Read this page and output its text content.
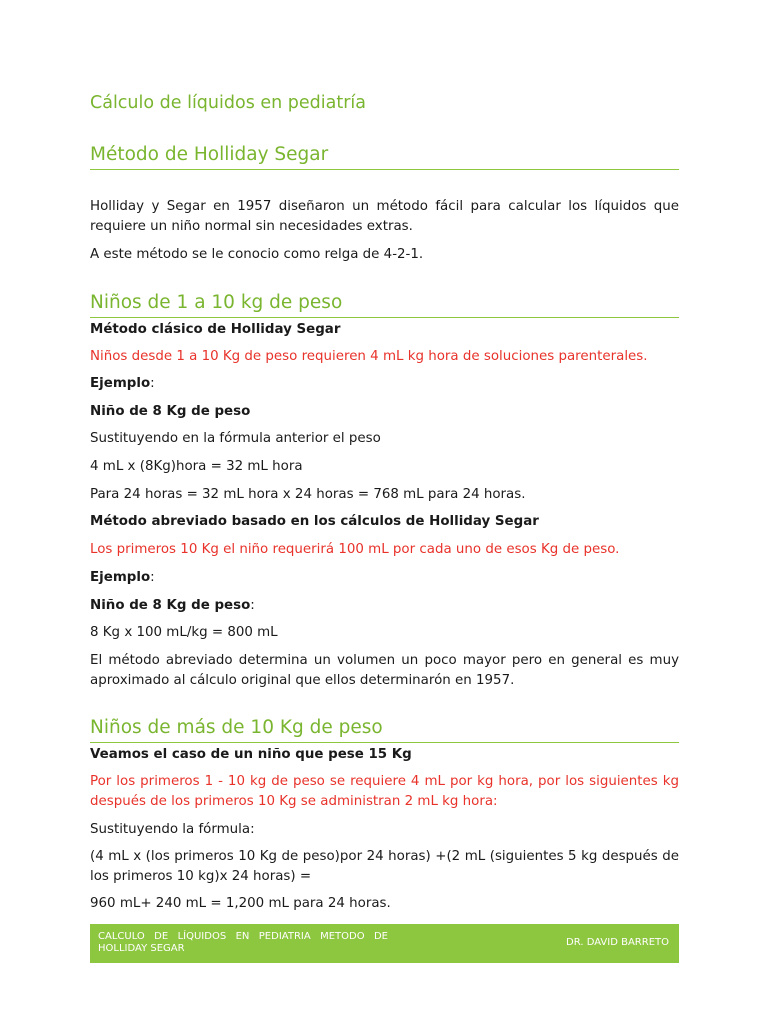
Cálculo de líquidos en pediatría
Método de Holliday Segar
Holliday y Segar en 1957 diseñaron un método fácil para calcular los líquidos que requiere un niño normal sin necesidades extras.
A este método se le conocio como relga de 4-2-1.
Niños de 1 a 10 kg de peso
Método clásico de Holliday Segar
Niños desde 1 a 10 Kg de peso requieren 4 mL kg hora de soluciones parenterales.
Ejemplo:
Niño de 8 Kg de peso
Sustituyendo en la fórmula anterior el peso
4 mL x (8Kg)hora = 32 mL hora
Para 24 horas = 32 mL hora x 24 horas = 768 mL para 24 horas.
Método abreviado basado en los cálculos de Holliday Segar
Los primeros 10 Kg el niño requerirá 100 mL por cada uno de esos Kg de peso.
Ejemplo:
Niño de 8 Kg de peso:
8 Kg x 100 mL/kg = 800 mL
El método abreviado determina un volumen un poco mayor pero en general es muy aproximado al cálculo original que ellos determinarón en 1957.
Niños de más de 10 Kg de peso
Veamos el caso de un niño que pese 15 Kg
Por los primeros 1 - 10 kg de peso se requiere 4 mL por kg hora, por los siguientes kg después de los primeros 10 Kg se administran 2 mL kg hora:
Sustituyendo la fórmula:
(4 mL x (los primeros 10 Kg de peso)por 24 horas) +(2 mL (siguientes 5 kg después de los primeros 10 kg)x 24 horas) =
960 mL+ 240 mL = 1,200 mL para 24 horas.
CALCULO DE LÍQUIDOS EN PEDIATRIA METODO DE HOLLIDAY SEGAR
DR. DAVID BARRETO
